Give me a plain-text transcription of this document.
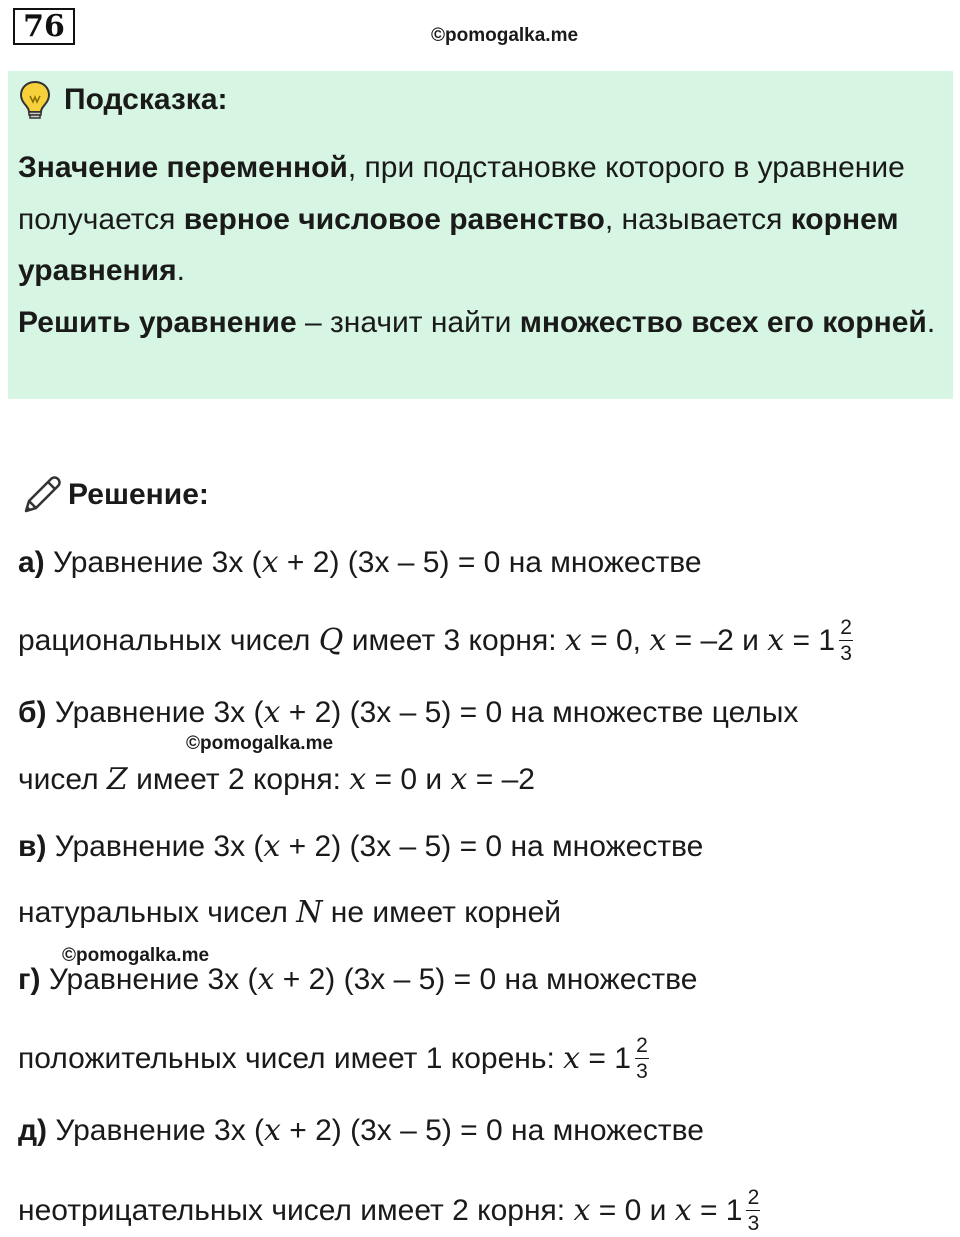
76	©pomogalka.me
Подсказка:
Значение переменной, при подстановке которого в уравнение получается верное числовое равенство, называется корнем уравнения.
Решить уравнение – значит найти множество всех его корней.
Решение:
а) Уравнение 3x (x + 2) (3x – 5) = 0 на множестве
рациональных чисел Q имеет 3 корня: x = 0, x = –2 и $x = 1 \frac{2}{3}$
б) Уравнение 3x (x + 2) (3x – 5) = 0 на множестве целых
чисел Z имеет 2 корня: x = 0 и x = –2
в) Уравнение 3x (x + 2) (3x – 5) = 0 на множестве
натуральных чисел N не имеет корней
г) Уравнение 3x (x + 2) (3x – 5) = 0 на множестве
положительных чисел имеет 1 корень: $x = 1 \frac{2}{3}$
д) Уравнение 3x (x + 2) (3x – 5) = 0 на множестве
неотрицательных чисел имеет 2 корня: x = 0 и $x = 1 \frac{2}{3}$
©pomogalka.me
©pomogalka.me
